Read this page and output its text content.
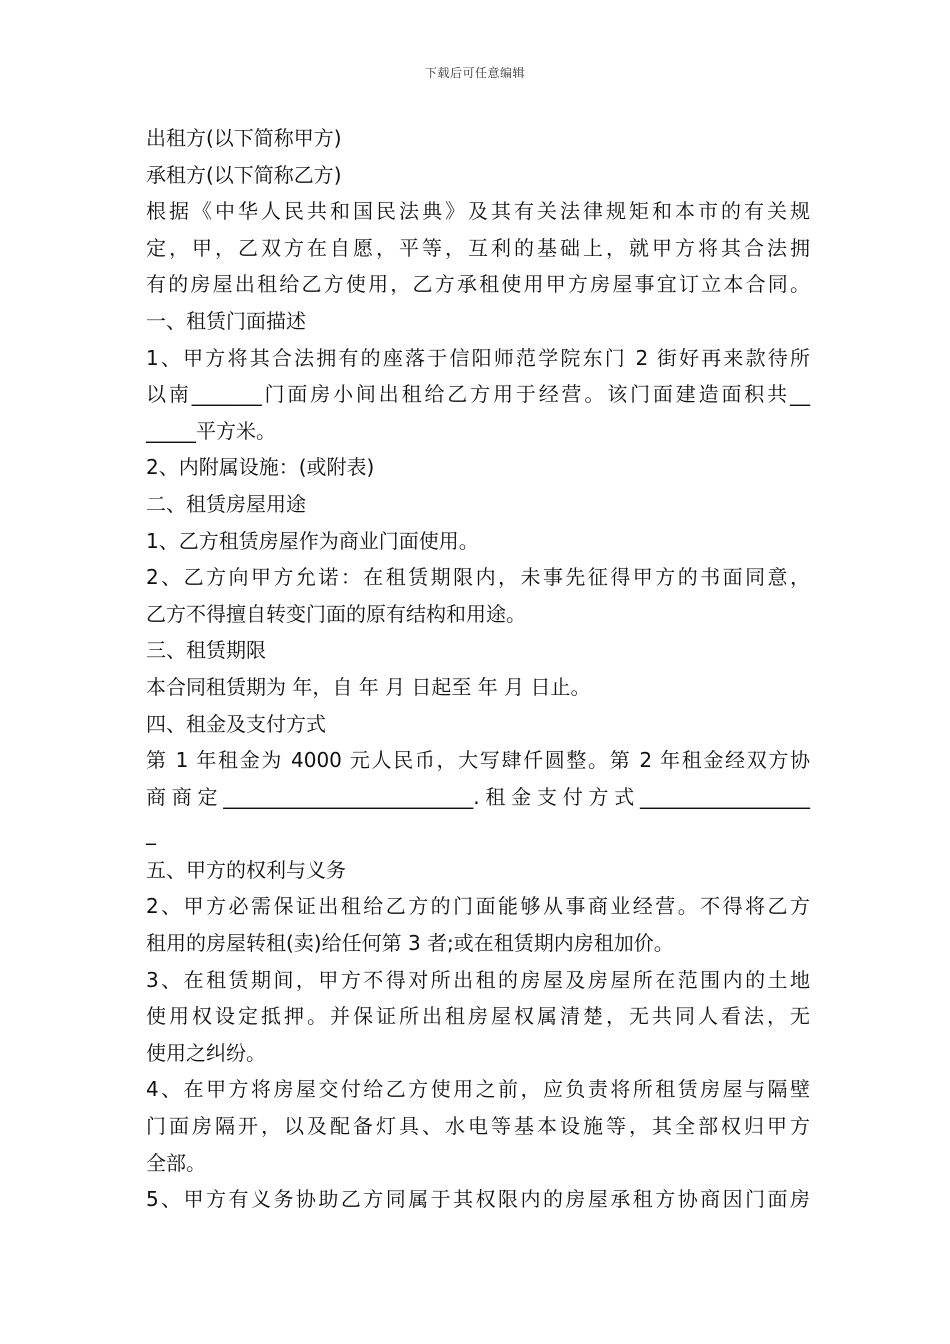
下载后可任意编辑
出租方(以下简称甲方)
承租方(以下简称乙方)
根据《中华人民共和国民法典》及其有关法律规矩和本市的有关规
定，甲，乙双方在自愿，平等，互利的基础上，就甲方将其合法拥
有的房屋出租给乙方使用，乙方承租使用甲方房屋事宜订立本合同。
一、租赁门面描述
1、甲方将其合法拥有的座落于信阳师范学院东门 2 街好再来款待所
以南_______门面房小间出租给乙方用于经营。该门面建造面积共__
_____平方米。
2、内附属设施：(或附表)
二、租赁房屋用途
1、乙方租赁房屋作为商业门面使用。
2、乙方向甲方允诺：在租赁期限内，未事先征得甲方的书面同意，
乙方不得擅自转变门面的原有结构和用途。
三、租赁期限
本合同租赁期为 年，自 年 月 日起至 年 月 日止。
四、租金及支付方式
第 1 年租金为 4000 元人民币，大写肆仟圆整。第 2 年租金经双方协
商商定_________________________.租金支付方式_________________
_
五、甲方的权利与义务
2、甲方必需保证出租给乙方的门面能够从事商业经营。不得将乙方
租用的房屋转租(卖)给任何第 3 者;或在租赁期内房租加价。
3、在租赁期间，甲方不得对所出租的房屋及房屋所在范围内的土地
使用权设定抵押。并保证所出租房屋权属清楚，无共同人看法，无
使用之纠纷。
4、在甲方将房屋交付给乙方使用之前，应负责将所租赁房屋与隔壁
门面房隔开，以及配备灯具、水电等基本设施等，其全部权归甲方
全部。
5、甲方有义务协助乙方同属于其权限内的房屋承租方协商因门面房
